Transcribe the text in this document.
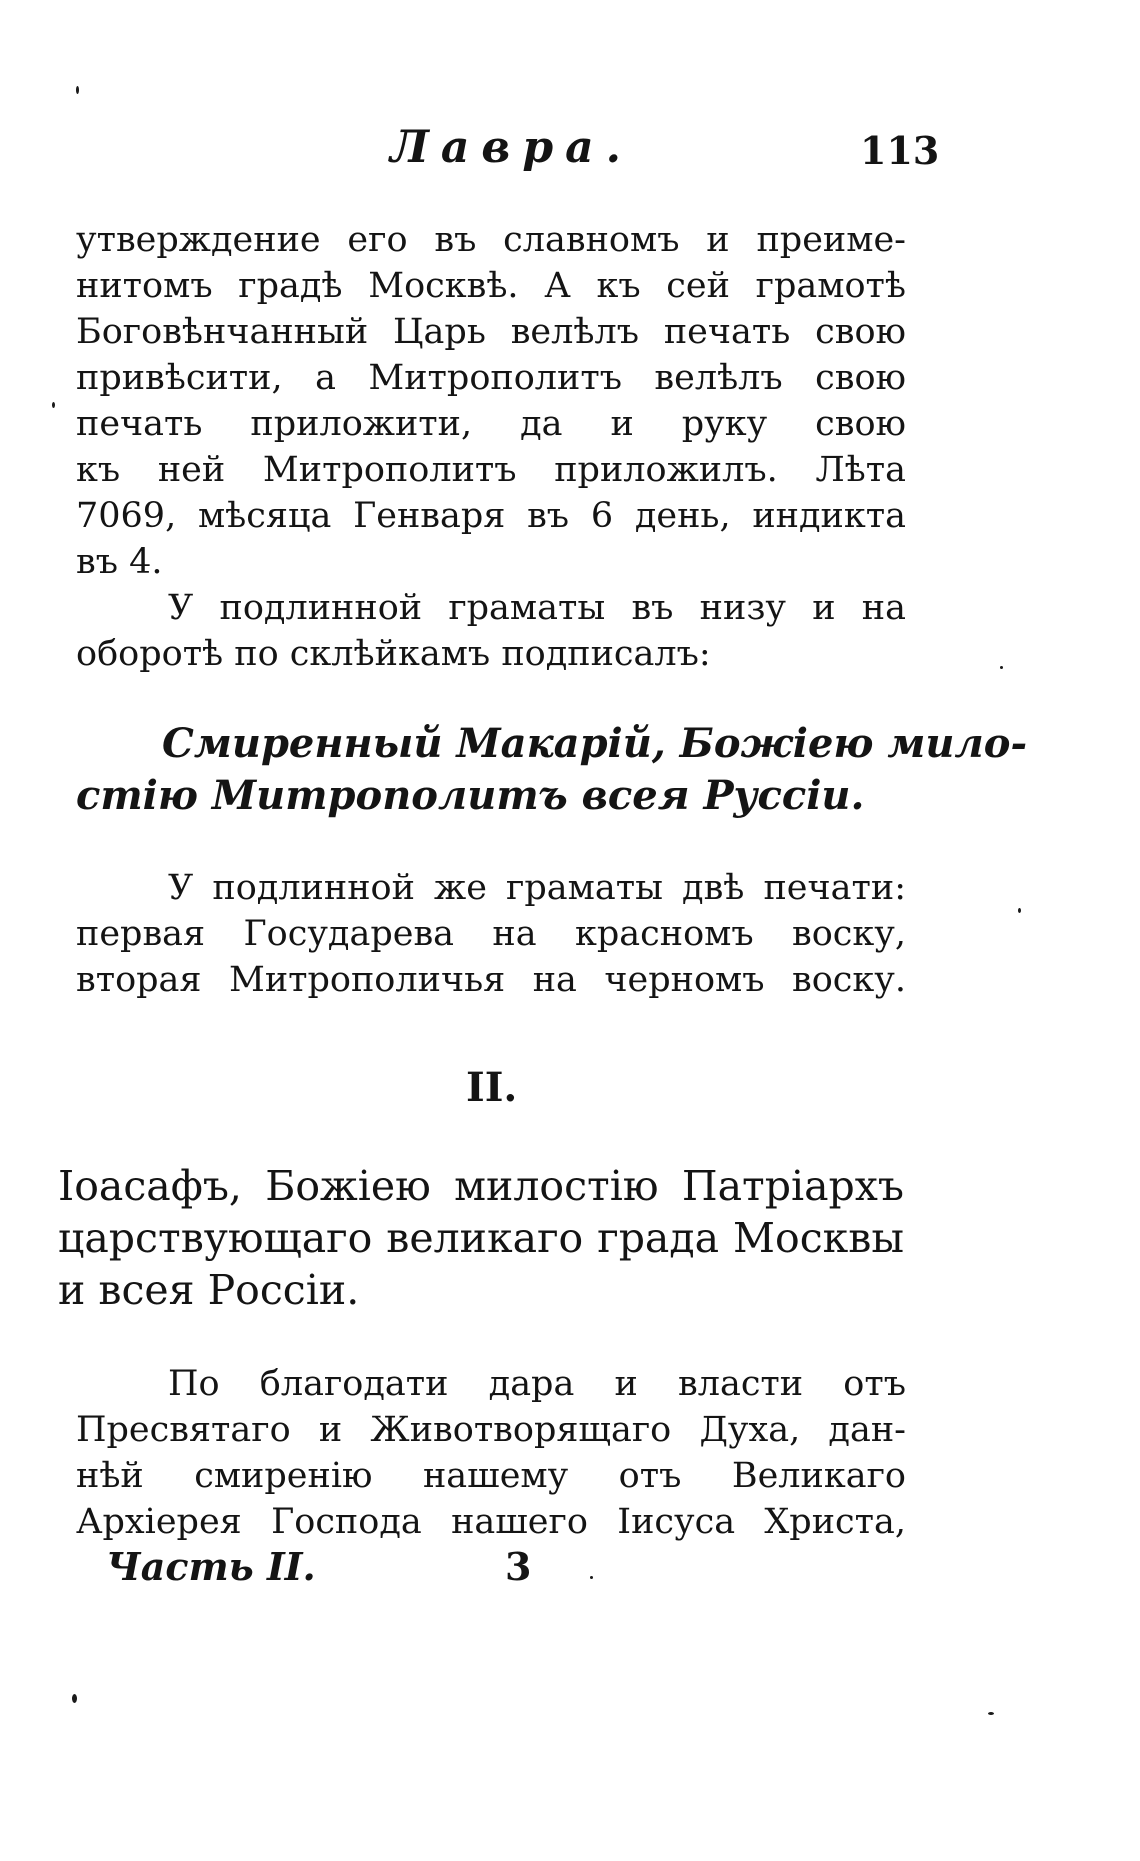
Лавра.	113
утверждение его въ славномъ и преиме-
нитомъ градѣ Москвѣ. А къ сей грамотѣ
Боговѣнчанный Царь велѣлъ печать свою
привѣсити, а Митрополитъ велѣлъ свою
печать приложити, да и руку свою
къ ней Митрополитъ приложилъ. Лѣта
7069, мѣсяца Генваря въ 6 день, индикта
въ 4.
У подлинной граматы въ низу и на
оборотѣ по склѣйкамъ подписалъ:
Смиренный Макарій, Божіею мило-
стію Митрополитъ всея Руссіи.
У подлинной же граматы двѣ печати:
первая Государева на красномъ воску,
вторая Митрополичья на черномъ воску.
II.
Іоасафъ, Божіею милостію Патріархъ
царствующаго великаго града Москвы
и всея Россіи.
По благодати дара и власти отъ
Пресвятаго и Животворящаго Духа, дан-
нѣй смиренію нашему отъ Великаго
Архіерея Господа нашего Іисуса Христа,
Часть II.	3
